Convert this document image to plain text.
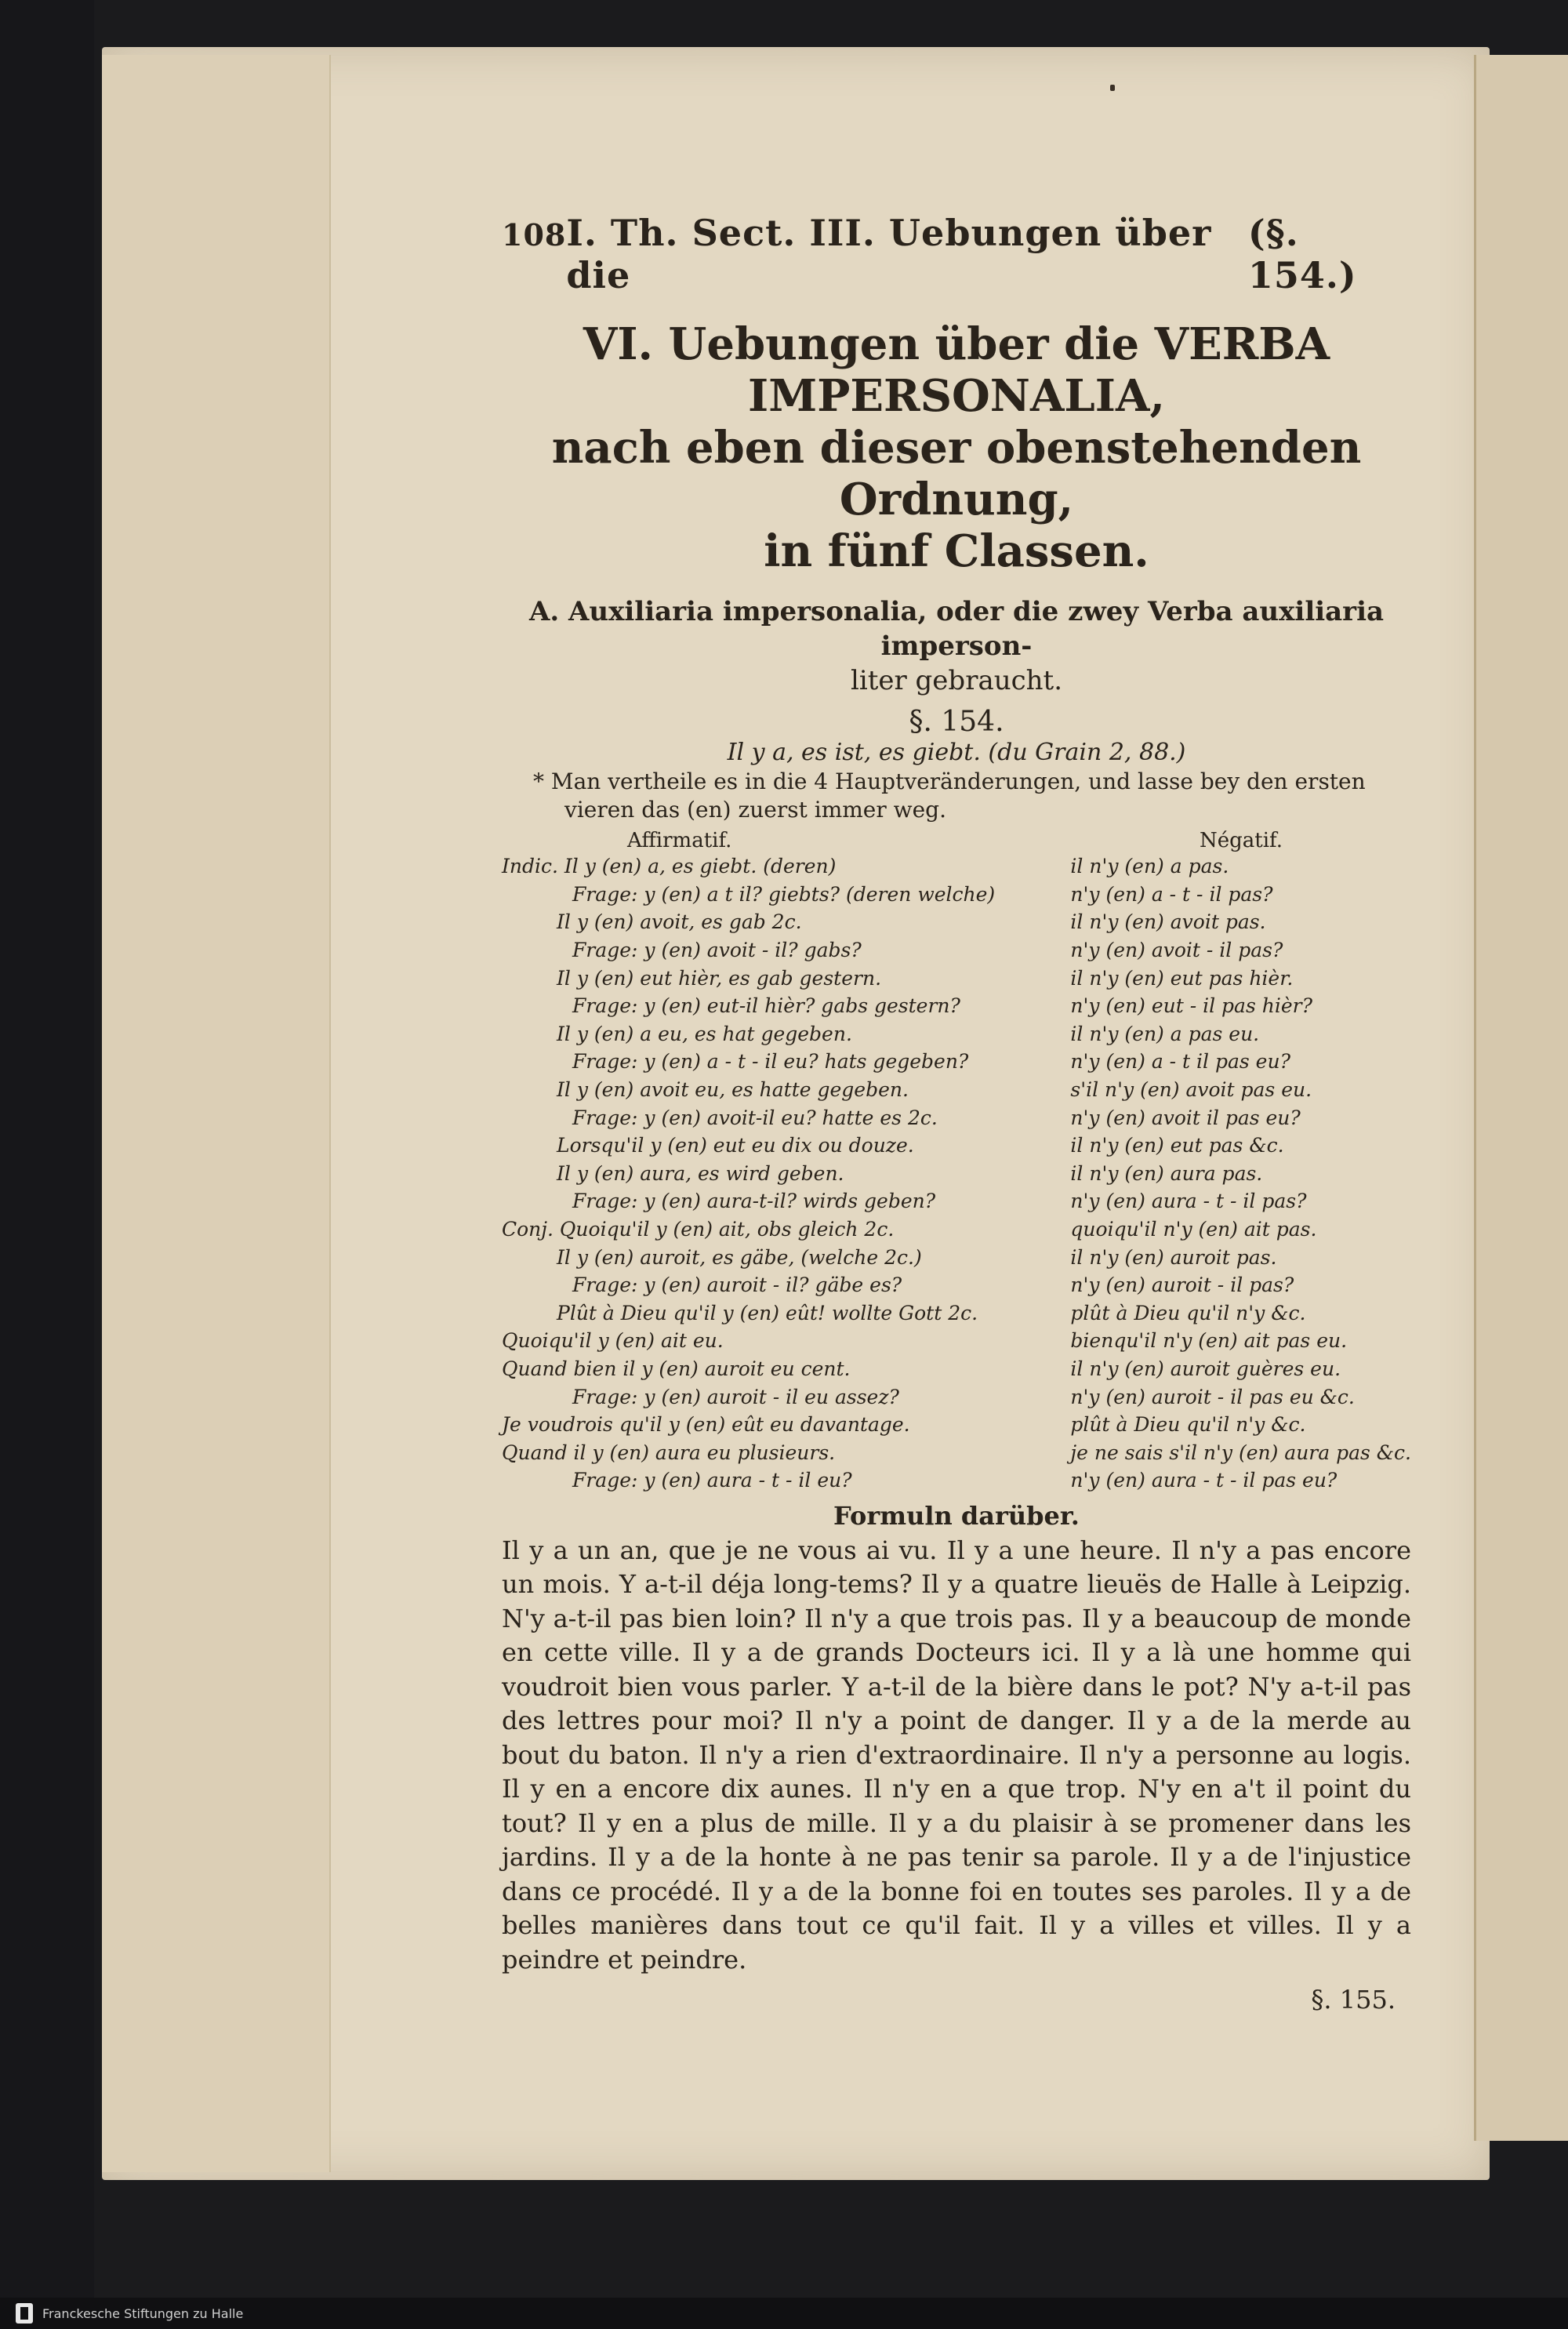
108 I. Th. Sect. III. Uebungen über die
(§. 154.)
VI. Uebungen über die VERBA IMPERSONALIA,
nach eben dieser obenstehenden Ordnung,
in fünf Classen.
A. Auxiliaria impersonalia, oder die zwey Verba auxiliaria imperson-
liter gebraucht.
§. 154.
Il y a, es ist, es giebt. (du Grain 2, 88.)
* Man vertheile es in die 4 Hauptveränderungen, und lasse bey den ersten
vieren das (en) zuerst immer weg.
Affirmatif.	Négatif.
Indic. Il y (en) a, es giebt. (deren)	il n'y (en) a pas.
Frage: y (en) a t il? giebts? (deren welche)	n'y (en) a - t - il pas?
Il y (en) avoit, es gab 2c.	il n'y (en) avoit pas.
Frage: y (en) avoit - il? gabs?	n'y (en) avoit - il pas?
Il y (en) eut hièr, es gab gestern.	il n'y (en) eut pas hièr.
Frage: y (en) eut-il hièr? gabs gestern?	n'y (en) eut - il pas hièr?
Il y (en) a eu, es hat gegeben.	il n'y (en) a pas eu.
Frage: y (en) a - t - il eu? hats gegeben?	n'y (en) a - t il pas eu?
Il y (en) avoit eu, es hatte gegeben.	s'il n'y (en) avoit pas eu.
Frage: y (en) avoit-il eu? hatte es 2c.	n'y (en) avoit il pas eu?
Lorsqu'il y (en) eut eu dix ou douze.	il n'y (en) eut pas &c.
Il y (en) aura, es wird geben.	il n'y (en) aura pas.
Frage: y (en) aura-t-il? wirds geben?	n'y (en) aura - t - il pas?
Conj. Quoiqu'il y (en) ait, obs gleich 2c.	quoiqu'il n'y (en) ait pas.
Il y (en) auroit, es gäbe, (welche 2c.)	il n'y (en) auroit pas.
Frage: y (en) auroit - il? gäbe es?	n'y (en) auroit - il pas?
Plût à Dieu qu'il y (en) eût! wollte Gott 2c.	plût à Dieu qu'il n'y &c.
Quoiqu'il y (en) ait eu.	bienqu'il n'y (en) ait pas eu.
Quand bien il y (en) auroit eu cent.	il n'y (en) auroit guères eu.
Frage: y (en) auroit - il eu assez?	n'y (en) auroit - il pas eu &c.
Je voudrois qu'il y (en) eût eu davantage.	plût à Dieu qu'il n'y &c.
Quand il y (en) aura eu plusieurs.	je ne sais s'il n'y (en) aura pas &c.
Frage: y (en) aura - t - il eu?	n'y (en) aura - t - il pas eu?
Formuln darüber.
Il y a un an, que je ne vous ai vu. Il y a une heure. Il n'y a pas encore un mois. Y a-t-il déja long-tems? Il y a quatre lieuës de Halle à Leipzig. N'y a-t-il pas bien loin? Il n'y a que trois pas. Il y a beaucoup de monde en cette ville. Il y a de grands Docteurs ici. Il y a là une homme qui voudroit bien vous parler. Y a-t-il de la bière dans le pot? N'y a-t-il pas des lettres pour moi? Il n'y a point de danger. Il y a de la merde au bout du baton. Il n'y a rien d'extraordinaire. Il n'y a personne au logis. Il y en a encore dix aunes. Il n'y en a que trop. N'y en a't il point du tout? Il y en a plus de mille. Il y a du plaisir à se promener dans les jardins. Il y a de la honte à ne pas tenir sa parole. Il y a de l'injustice dans ce procédé. Il y a de la bonne foi en toutes ses paroles. Il y a de belles manières dans tout ce qu'il fait. Il y a villes et villes. Il y a peindre et peindre.
§. 155.
Franckesche Stiftungen zu Halle
